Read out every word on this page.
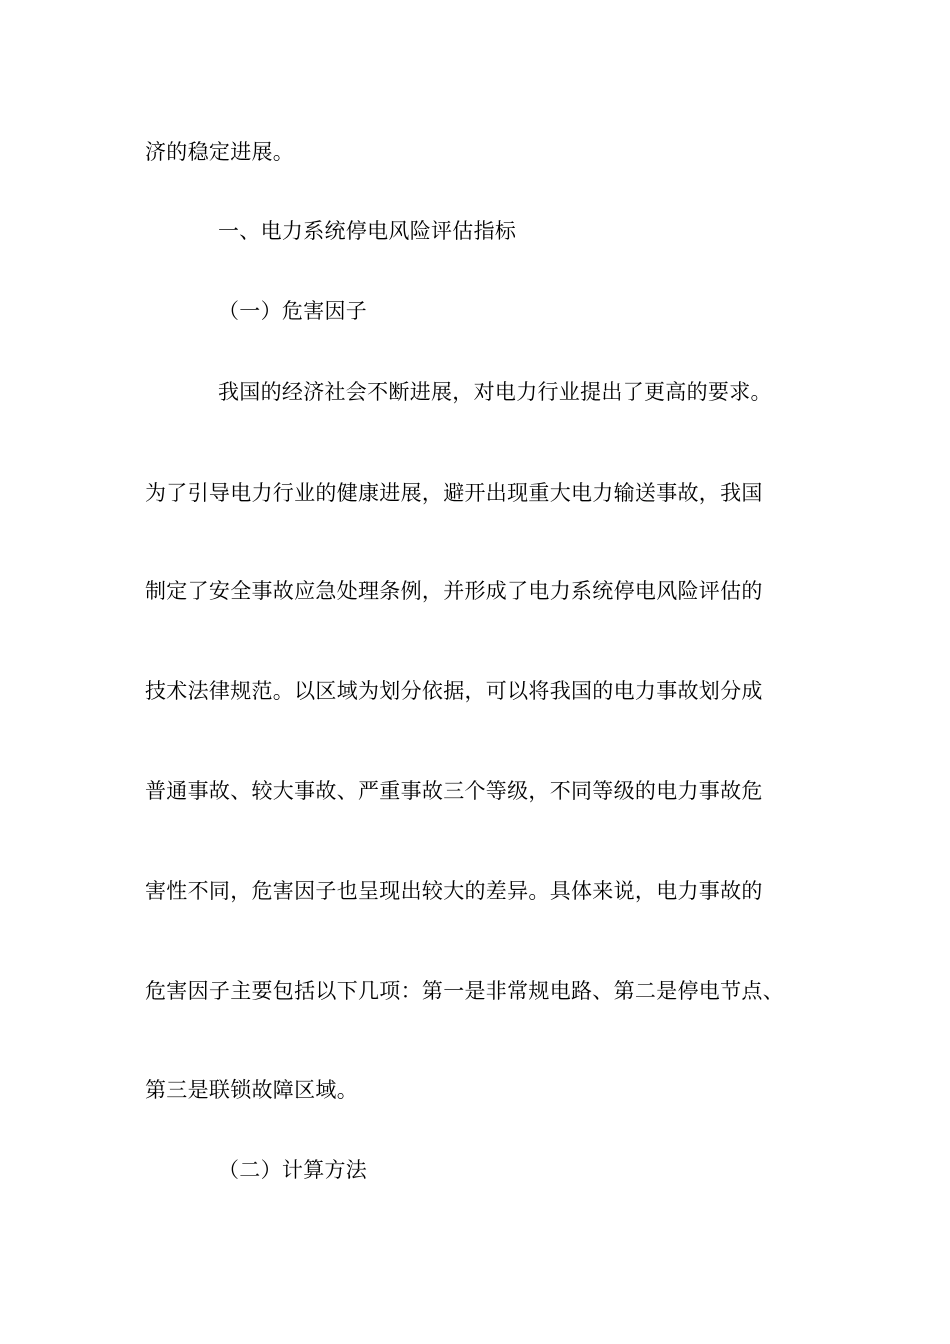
济的稳定进展。
一、电力系统停电风险评估指标
（一）危害因子
我国的经济社会不断进展，对电力行业提出了更高的要求。
为了引导电力行业的健康进展，避开出现重大电力输送事故，我国
制定了安全事故应急处理条例，并形成了电力系统停电风险评估的
技术法律规范。以区域为划分依据，可以将我国的电力事故划分成
普通事故、较大事故、严重事故三个等级，不同等级的电力事故危
害性不同，危害因子也呈现出较大的差异。具体来说，电力事故的
危害因子主要包括以下几项：第一是非常规电路、第二是停电节点、
第三是联锁故障区域。
（二）计算方法
